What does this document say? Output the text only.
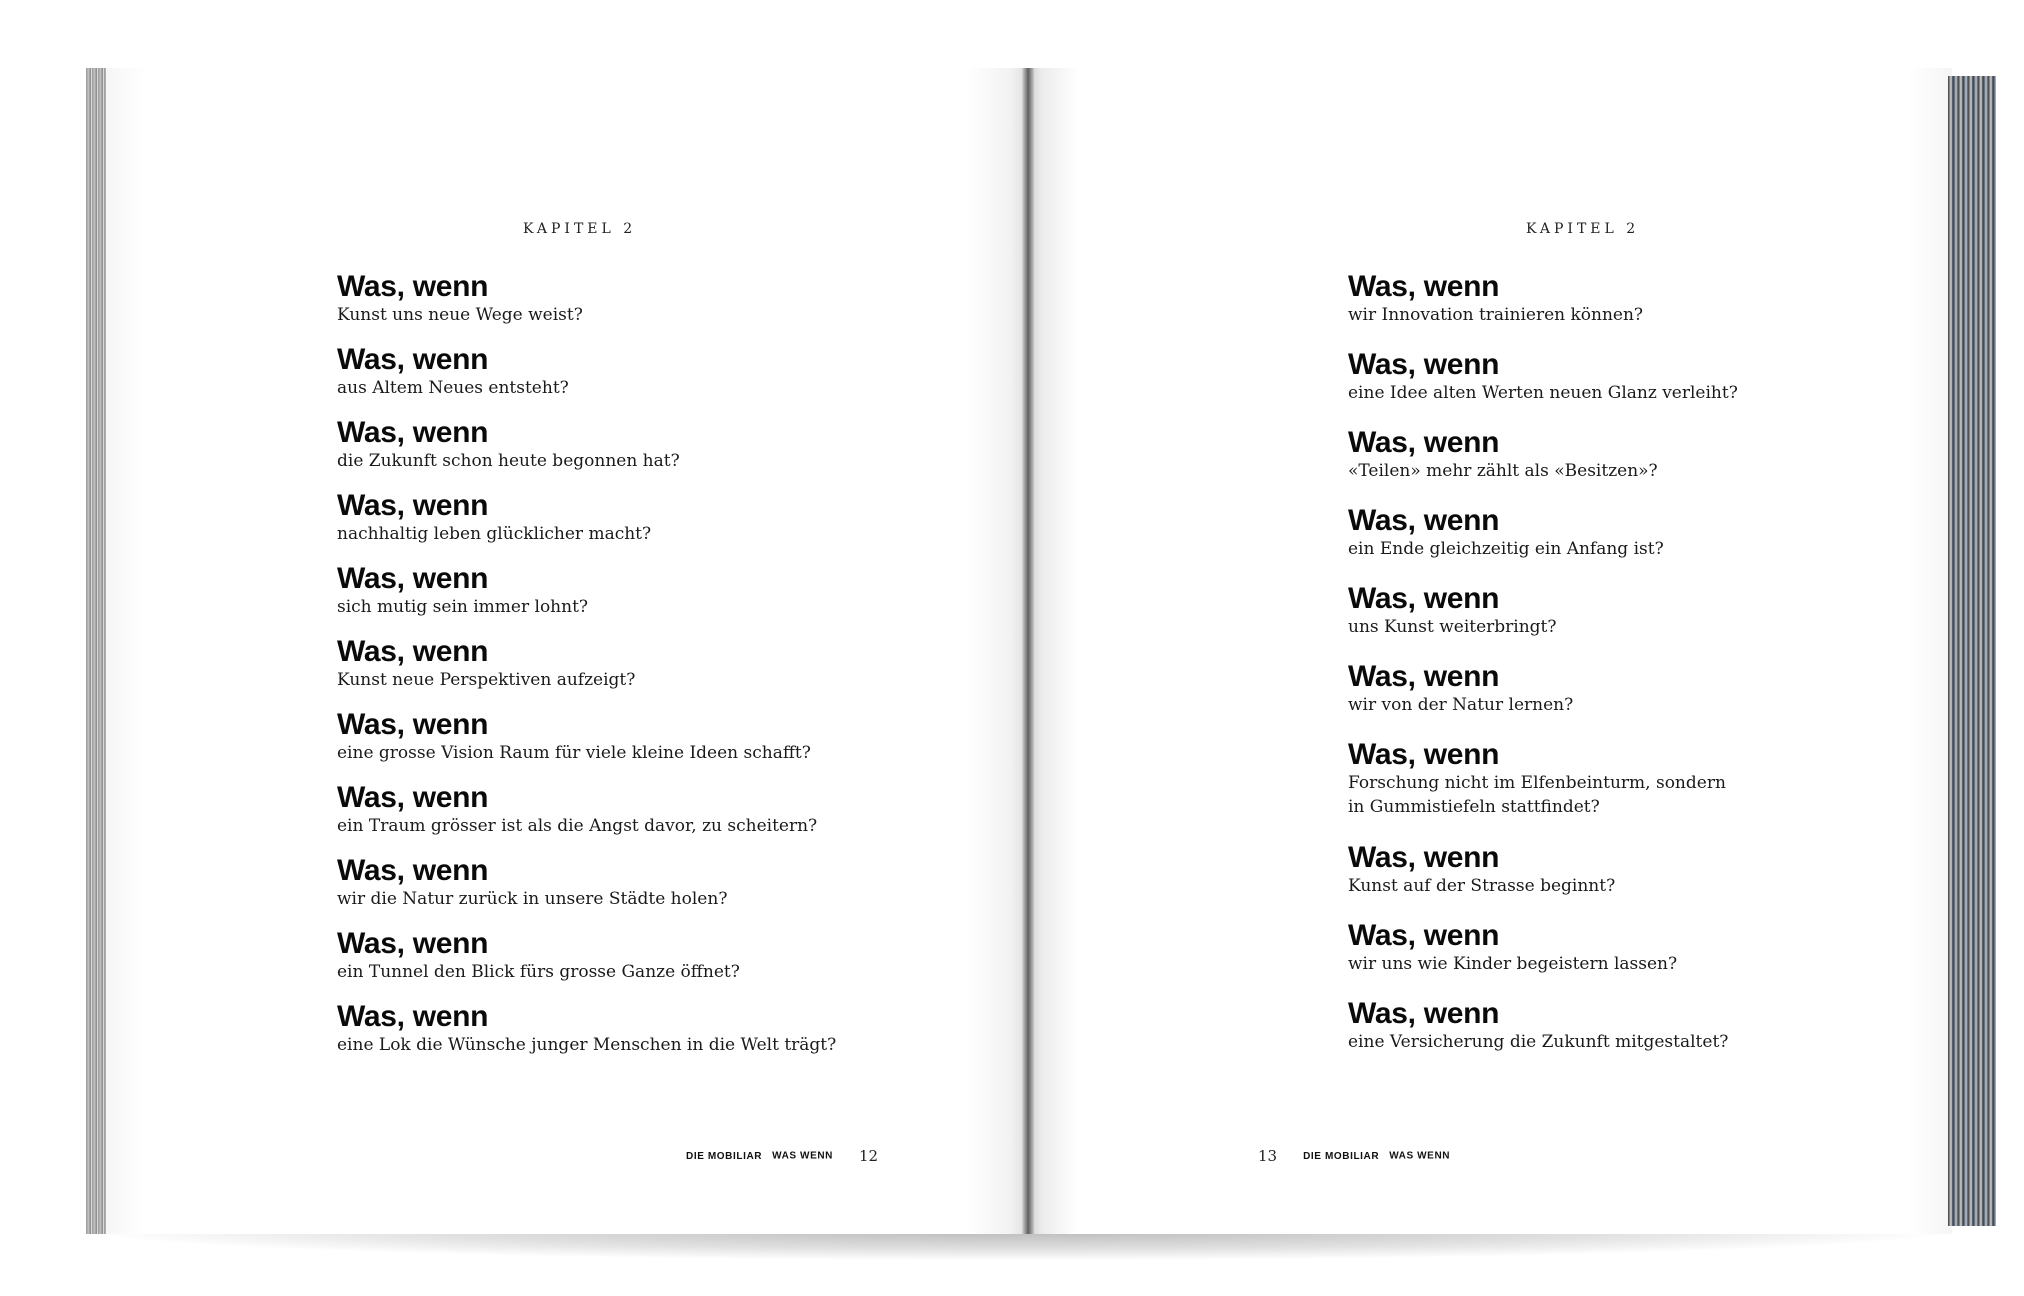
KAPITEL 2
Was, wenn
Kunst uns neue Wege weist?
Was, wenn
aus Altem Neues entsteht?
Was, wenn
die Zukunft schon heute begonnen hat?
Was, wenn
nachhaltig leben glücklicher macht?
Was, wenn
sich mutig sein immer lohnt?
Was, wenn
Kunst neue Perspektiven aufzeigt?
Was, wenn
eine grosse Vision Raum für viele kleine Ideen schafft?
Was, wenn
ein Traum grösser ist als die Angst davor, zu scheitern?
Was, wenn
wir die Natur zurück in unsere Städte holen?
Was, wenn
ein Tunnel den Blick fürs grosse Ganze öffnet?
Was, wenn
eine Lok die Wünsche junger Menschen in die Welt trägt?
DIE MOBILIAR WAS WENN 12
KAPITEL 2
Was, wenn
wir Innovation trainieren können?
Was, wenn
eine Idee alten Werten neuen Glanz verleiht?
Was, wenn
«Teilen» mehr zählt als «Besitzen»?
Was, wenn
ein Ende gleichzeitig ein Anfang ist?
Was, wenn
uns Kunst weiterbringt?
Was, wenn
wir von der Natur lernen?
Was, wenn
Forschung nicht im Elfenbeinturm, sondern
in Gummistiefeln stattfindet?
Was, wenn
Kunst auf der Strasse beginnt?
Was, wenn
wir uns wie Kinder begeistern lassen?
Was, wenn
eine Versicherung die Zukunft mitgestaltet?
13	DIE MOBILIAR WAS WENN
